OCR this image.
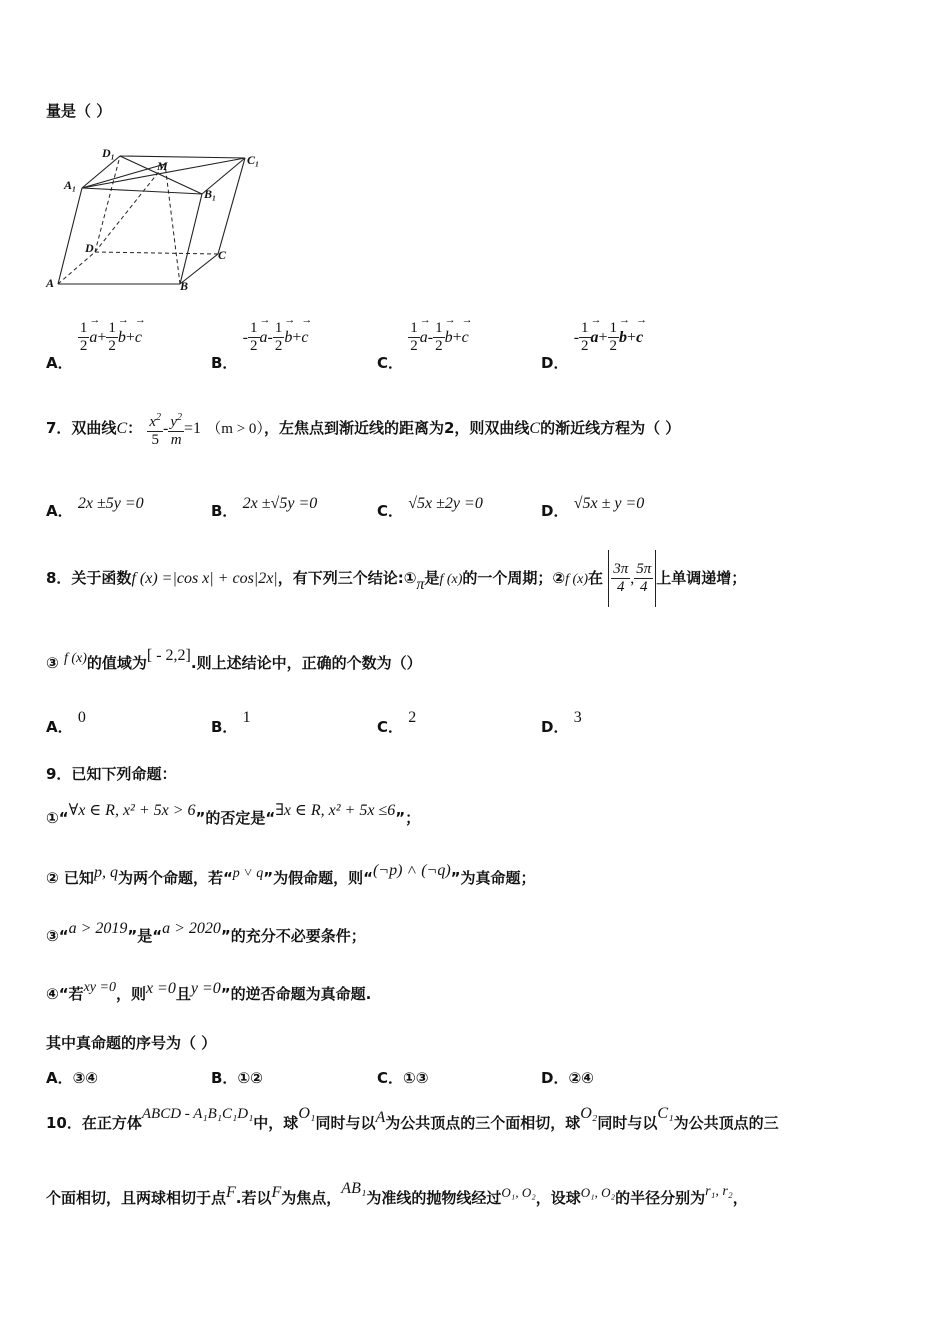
量是（ ）
A	B
C
D
A₁
B₁
C₁
D₁
M
A．
$\frac{1}{2}$
→ $a+ \frac{1}{2}$
→ b+→ c
B． - $\frac{1}{2}$
→ $a- \frac{1}{2}$
→ b+→ c
C．
$\frac{1}{2}$
→ $a- \frac{1}{2}$
→ b+→ c
D． - $\frac{1}{2}$
→ $a+ \frac{1}{2}$
→ b+→ c
7．双曲线C： $\frac{x^2}{5} - \frac{y^2}{m} =1$ （m > 0），左焦点到渐近线的距离为2，则双曲线C的渐近线方程为（ ）
A． 2x ±5y =0	B． 2x ±√5y =0	C． √5x ±2y =0	D． √5x ± y =0
8．关于函数f (x) =|cos x| + cos|2x|，有下列三个结论:①π是f (x)的一个周期；②f (x)在 $\frac{3\pi}{4}$ , $\frac{5\pi}{4}$ 上单调递增；
③ f (x)的值域为[ - 2,2].则上述结论中，正确的个数为（）
A． 0
B． 1
C． 2
D． 3
9．已知下列命题：
①“∀x ∈ R, x² + 5x > 6”的否定是“∃x ∈ R, x² + 5x ≤6”；
② 已知p, q为两个命题，若“p ˅ q”为假命题，则“(¬p) ˄ (¬q)”为真命题；
③“a > 2019”是“a > 2020”的充分不必要条件；
④“若xy =0，则x =0且y =0”的逆否命题为真命题.
其中真命题的序号为（ ）
A．③④	B．①②	C．①③	D．②④
10．在正方体ABCD - A₁B₁C₁D₁中，球O₁同时与以A为公共顶点的三个面相切，球O₂同时与以C₁为公共顶点的三
个面相切，且两球相切于点F.若以F为焦点，AB₁为准线的抛物线经过O₁, O₂，设球O₁, O₂的半径分别为r₁, r₂，
